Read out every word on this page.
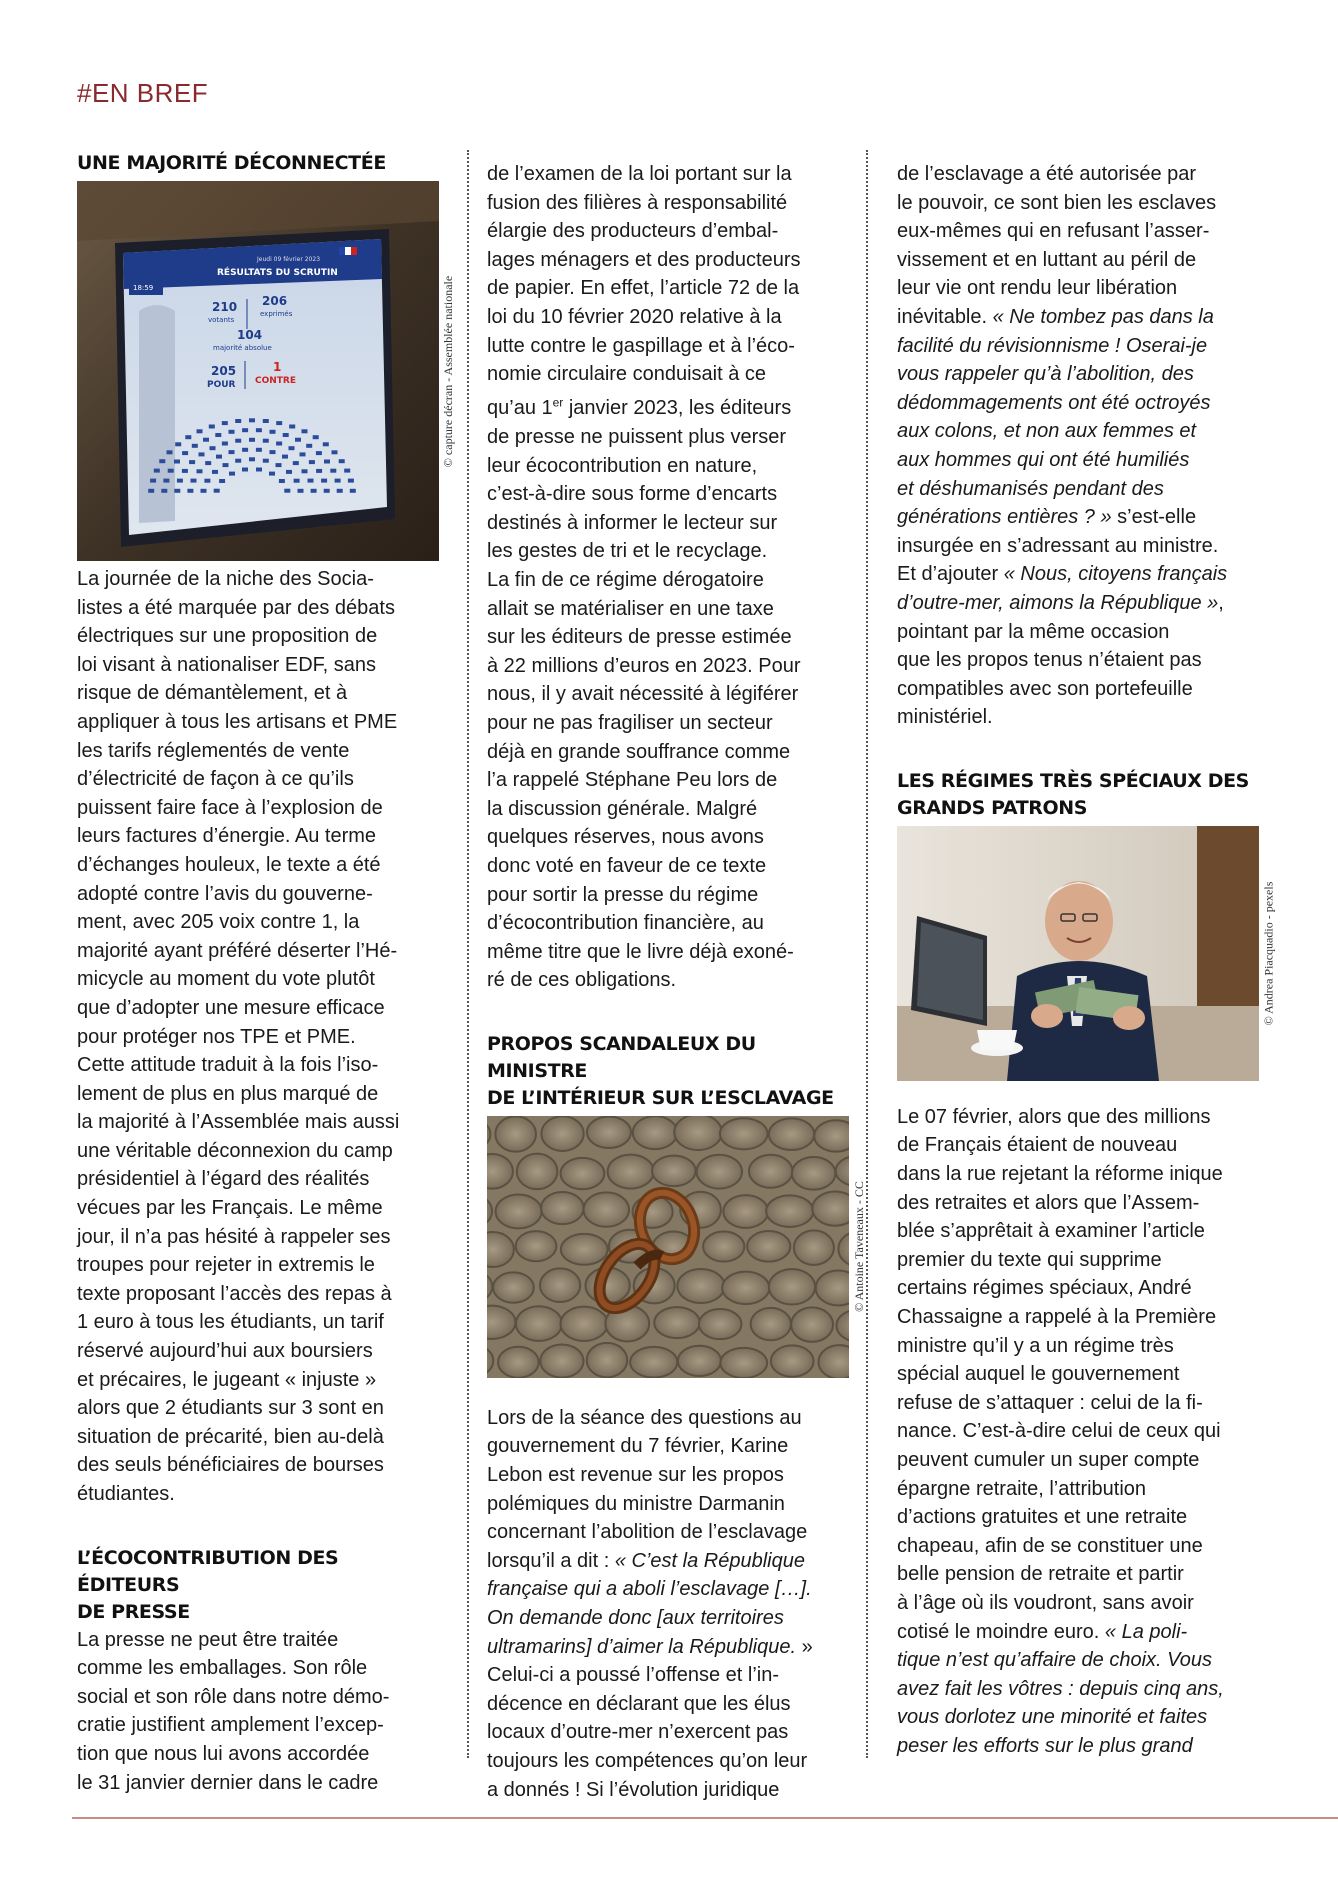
#EN BREF
UNE MAJORITÉ DÉCONNECTÉE
Jeudi 09 février 2023
RÉSULTATS DU SCRUTIN
18:59
210
votants
206
exprimés
104
majorité absolue
205
POUR
1
CONTRE	© capture décran - Assemblée nationale

La journée de la niche des Socia-
listes a été marquée par des débats
électriques sur une proposition de
loi visant à nationaliser EDF, sans
risque de démantèlement, et à
appliquer à tous les artisans et PME
les tarifs réglementés de vente
d’électricité de façon à ce qu’ils
puissent faire face à l’explosion de
leurs factures d’énergie. Au terme
d’échanges houleux, le texte a été
adopté contre l’avis du gouverne-
ment, avec 205 voix contre 1, la
majorité ayant préféré déserter l’Hé-
micycle au moment du vote plutôt
que d’adopter une mesure efficace
pour protéger nos TPE et PME.
Cette attitude traduit à la fois l’iso-
lement de plus en plus marqué de
la majorité à l’Assemblée mais aussi
une véritable déconnexion du camp
présidentiel à l’égard des réalités
vécues par les Français. Le même
jour, il n’a pas hésité à rappeler ses
troupes pour rejeter in extremis le
texte proposant l’accès des repas à
1 euro à tous les étudiants, un tarif
réservé aujourd’hui aux boursiers
et précaires, le jugeant « injuste »
alors que 2 étudiants sur 3 sont en
situation de précarité, bien au-delà
des seuls bénéficiaires de bourses
étudiantes.

L’ÉCOCONTRIBUTION DES ÉDITEURS
DE PRESSE

La presse ne peut être traitée
comme les emballages. Son rôle
social et son rôle dans notre démo-
cratie justifient amplement l’excep-
tion que nous lui avons accordée
le 31 janvier dernier dans le cadre

de l’examen de la loi portant sur la
fusion des filières à responsabilité
élargie des producteurs d’embal-
lages ménagers et des producteurs
de papier. En effet, l’article 72 de la
loi du 10 février 2020 relative à la
lutte contre le gaspillage et à l’éco-
nomie circulaire conduisait à ce
qu’au 1er janvier 2023, les éditeurs
de presse ne puissent plus verser
leur écocontribution en nature,
c’est-à-dire sous forme d’encarts
destinés à informer le lecteur sur
les gestes de tri et le recyclage.
La fin de ce régime dérogatoire
allait se matérialiser en une taxe
sur les éditeurs de presse estimée
à 22 millions d’euros en 2023. Pour
nous, il y avait nécessité à légiférer
pour ne pas fragiliser un secteur
déjà en grande souffrance comme
l’a rappelé Stéphane Peu lors de
la discussion générale. Malgré
quelques réserves, nous avons
donc voté en faveur de ce texte
pour sortir la presse du régime
d’écocontribution financière, au
même titre que le livre déjà exoné-
ré de ces obligations.

PROPOS SCANDALEUX DU MINISTRE
DE L’INTÉRIEUR SUR L’ESCLAVAGE

© Antoine Taveneaux - CC

Lors de la séance des questions au
gouvernement du 7 février, Karine
Lebon est revenue sur les propos
polémiques du ministre Darmanin
concernant l’abolition de l’esclavage
lorsqu’il a dit : « C’est la République
française qui a aboli l’esclavage […].
On demande donc [aux territoires
ultramarins] d’aimer la République. »
Celui-ci a poussé l’offense et l’in-
décence en déclarant que les élus
locaux d’outre-mer n’exercent pas
toujours les compétences qu’on leur
a donnés ! Si l’évolution juridique

de l’esclavage a été autorisée par
le pouvoir, ce sont bien les esclaves
eux-mêmes qui en refusant l’asser-
vissement et en luttant au péril de
leur vie ont rendu leur libération
inévitable. « Ne tombez pas dans la
facilité du révisionnisme ! Oserai-je
vous rappeler qu’à l’abolition, des
dédommagements ont été octroyés
aux colons, et non aux femmes et
aux hommes qui ont été humiliés
et déshumanisés pendant des
générations entières ? » s’est-elle
insurgée en s’adressant au ministre.
Et d’ajouter « Nous, citoyens français
d’outre-mer, aimons la République »,
pointant par la même occasion
que les propos tenus n’étaient pas
compatibles avec son portefeuille
ministériel.

LES RÉGIMES TRÈS SPÉCIAUX DES
GRANDS PATRONS

© Andrea Piacquadio - pexels

Le 07 février, alors que des millions
de Français étaient de nouveau
dans la rue rejetant la réforme inique
des retraites et alors que l’Assem-
blée s’apprêtait à examiner l’article
premier du texte qui supprime
certains régimes spéciaux, André
Chassaigne a rappelé à la Première
ministre qu’il y a un régime très
spécial auquel le gouvernement
refuse de s’attaquer : celui de la fi-
nance. C’est-à-dire celui de ceux qui
peuvent cumuler un super compte
épargne retraite, l’attribution
d’actions gratuites et une retraite
chapeau, afin de se constituer une
belle pension de retraite et partir
à l’âge où ils voudront, sans avoir
cotisé le moindre euro. « La poli-
tique n’est qu’affaire de choix. Vous
avez fait les vôtres : depuis cinq ans,
vous dorlotez une minorité et faites
peser les efforts sur le plus grand
